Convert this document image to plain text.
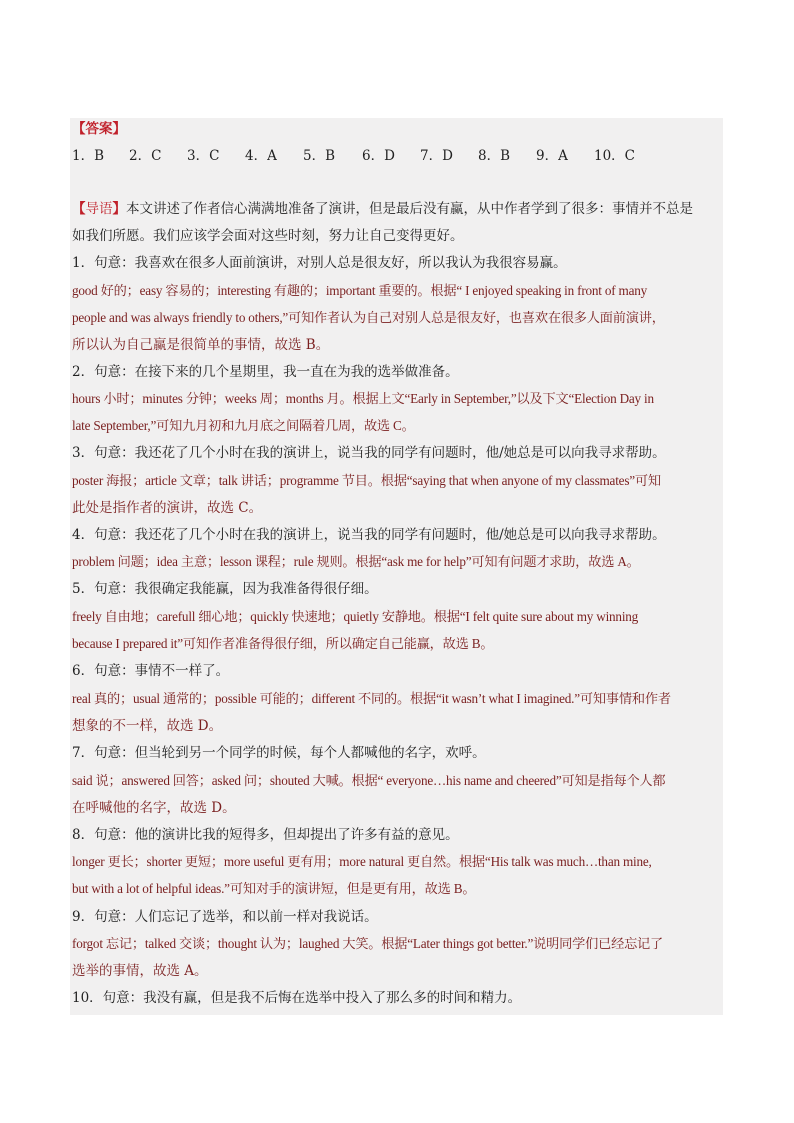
【答案】
1．B 2．C 3．C 4．A 5．B 6．D 7．D 8．B 9．A 10．C
【导语】本文讲述了作者信心满满地准备了演讲，但是最后没有赢，从中作者学到了很多：事情并不总是
如我们所愿。我们应该学会面对这些时刻，努力让自己变得更好。
1．句意：我喜欢在很多人面前演讲，对别人总是很友好，所以我认为我很容易赢。
good 好的；easy 容易的；interesting 有趣的；important 重要的。根据“ I enjoyed speaking in front of many
people and was always friendly to others,”可知作者认为自己对别人总是很友好，也喜欢在很多人面前演讲，
所以认为自己赢是很简单的事情，故选 B。
2．句意：在接下来的几个星期里，我一直在为我的选举做准备。
hours 小时；minutes 分钟；weeks 周；months 月。根据上文“Early in September,”以及下文“Election Day in
late September,”可知九月初和九月底之间隔着几周，故选 C。
3．句意：我还花了几个小时在我的演讲上，说当我的同学有问题时，他/她总是可以向我寻求帮助。
poster 海报；article 文章；talk 讲话；programme 节目。根据“saying that when anyone of my classmates”可知
此处是指作者的演讲，故选 C。
4．句意：我还花了几个小时在我的演讲上，说当我的同学有问题时，他/她总是可以向我寻求帮助。
problem 问题；idea 主意；lesson 课程；rule 规则。根据“ask me for help”可知有问题才求助，故选 A。
5．句意：我很确定我能赢，因为我准备得很仔细。
freely 自由地；carefull 细心地；quickly 快速地；quietly 安静地。根据“I felt quite sure about my winning
because I prepared it”可知作者准备得很仔细，所以确定自己能赢，故选 B。
6．句意：事情不一样了。
real 真的；usual 通常的；possible 可能的；different 不同的。根据“it wasn’t what I imagined.”可知事情和作者
想象的不一样，故选 D。
7．句意：但当轮到另一个同学的时候，每个人都喊他的名字，欢呼。
said 说；answered 回答；asked 问；shouted 大喊。根据“ everyone…his name and cheered”可知是指每个人都
在呼喊他的名字，故选 D。
8．句意：他的演讲比我的短得多，但却提出了许多有益的意见。
longer 更长；shorter 更短；more useful 更有用；more natural 更自然。根据“His talk was much…than mine,
but with a lot of helpful ideas.”可知对手的演讲短，但是更有用，故选 B。
9．句意：人们忘记了选举，和以前一样对我说话。
forgot 忘记；talked 交谈；thought 认为；laughed 大笑。根据“Later things got better.”说明同学们已经忘记了
选举的事情，故选 A。
10．句意：我没有赢，但是我不后悔在选举中投入了那么多的时间和精力。
